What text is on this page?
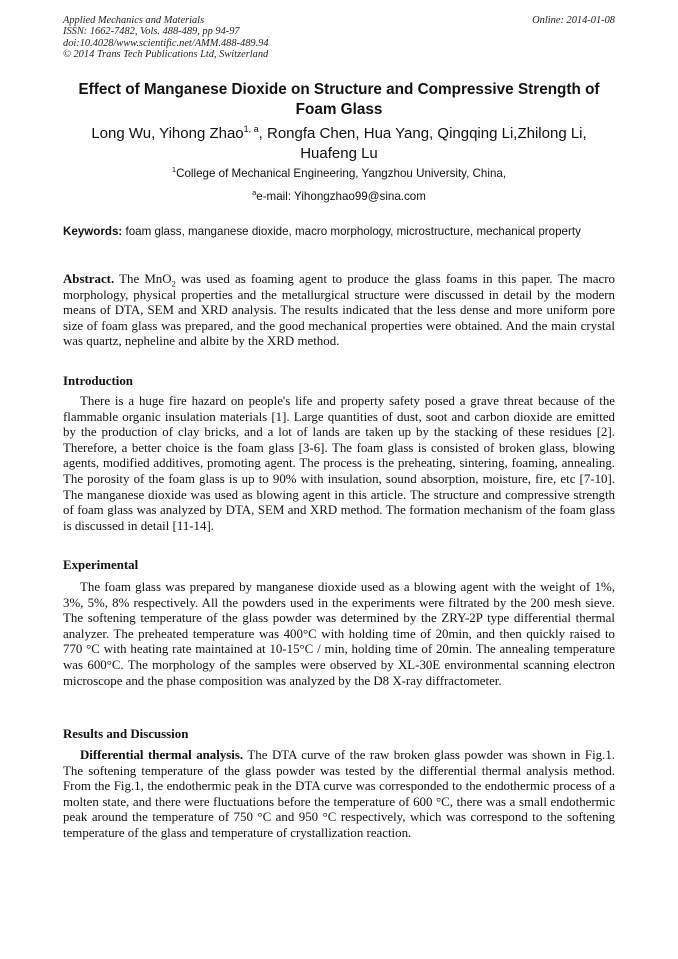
Applied Mechanics and Materials
ISSN: 1662-7482, Vols. 488-489, pp 94-97
doi:10.4028/www.scientific.net/AMM.488-489.94
© 2014 Trans Tech Publications Ltd, Switzerland
Online: 2014-01-08
Effect of Manganese Dioxide on Structure and Compressive Strength of Foam Glass
Long Wu, Yihong Zhao$^{1, a}$, Rongfa Chen, Hua Yang, Qingqing Li,Zhilong Li, Huafeng Lu
$^1$College of Mechanical Engineering, Yangzhou University, China,
$^a$e-mail: Yihongzhao99@sina.com
Keywords: foam glass, manganese dioxide, macro morphology, microstructure, mechanical property
Abstract. The MnO$_2$ was used as foaming agent to produce the glass foams in this paper. The macro morphology, physical properties and the metallurgical structure were discussed in detail by the modern means of DTA, SEM and XRD analysis. The results indicated that the less dense and more uniform pore size of foam glass was prepared, and the good mechanical properties were obtained. And the main crystal was quartz, nepheline and albite by the XRD method.
Introduction
There is a huge fire hazard on people's life and property safety posed a grave threat because of the flammable organic insulation materials [1]. Large quantities of dust, soot and carbon dioxide are emitted by the production of clay bricks, and a lot of lands are taken up by the stacking of these residues [2]. Therefore, a better choice is the foam glass [3-6]. The foam glass is consisted of broken glass, blowing agents, modified additives, promoting agent. The process is the preheating, sintering, foaming, annealing. The porosity of the foam glass is up to 90% with insulation, sound absorption, moisture, fire, etc [7-10]. The manganese dioxide was used as blowing agent in this article. The structure and compressive strength of foam glass was analyzed by DTA, SEM and XRD method. The formation mechanism of the foam glass is discussed in detail [11-14].
Experimental
The foam glass was prepared by manganese dioxide used as a blowing agent with the weight of 1%, 3%, 5%, 8% respectively. All the powders used in the experiments were filtrated by the 200 mesh sieve. The softening temperature of the glass powder was determined by the ZRY-2P type differential thermal analyzer. The preheated temperature was 400°C with holding time of 20min, and then quickly raised to 770 °C with heating rate maintained at 10-15°C / min, holding time of 20min. The annealing temperature was 600°C. The morphology of the samples were observed by XL-30E environmental scanning electron microscope and the phase composition was analyzed by the D8 X-ray diffractometer.
Results and Discussion
Differential thermal analysis. The DTA curve of the raw broken glass powder was shown in Fig.1. The softening temperature of the glass powder was tested by the differential thermal analysis method. From the Fig.1, the endothermic peak in the DTA curve was corresponded to the endothermic process of a molten state, and there were fluctuations before the temperature of 600 °C, there was a small endothermic peak around the temperature of 750 °C and 950 °C respectively, which was correspond to the softening temperature of the glass and temperature of crystallization reaction.
